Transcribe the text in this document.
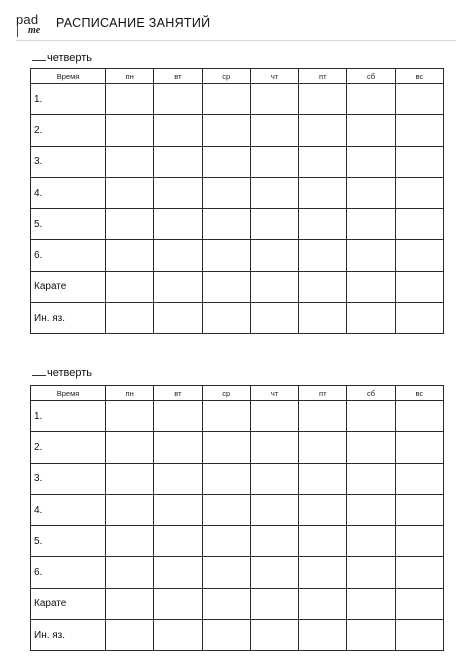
pad
me
РАСПИСАНИЕ ЗАНЯТИЙ
четверть
Время	пн	вт	ср	чт	пт	сб	вс
1.							
2.							
3.							
4.							
5.							
6.							
Карате							
Ин. яз.							
четверть
Время	пн	вт	ср	чт	пт	сб	вс
1.							
2.							
3.							
4.							
5.							
6.							
Карате							
Ин. яз.							
